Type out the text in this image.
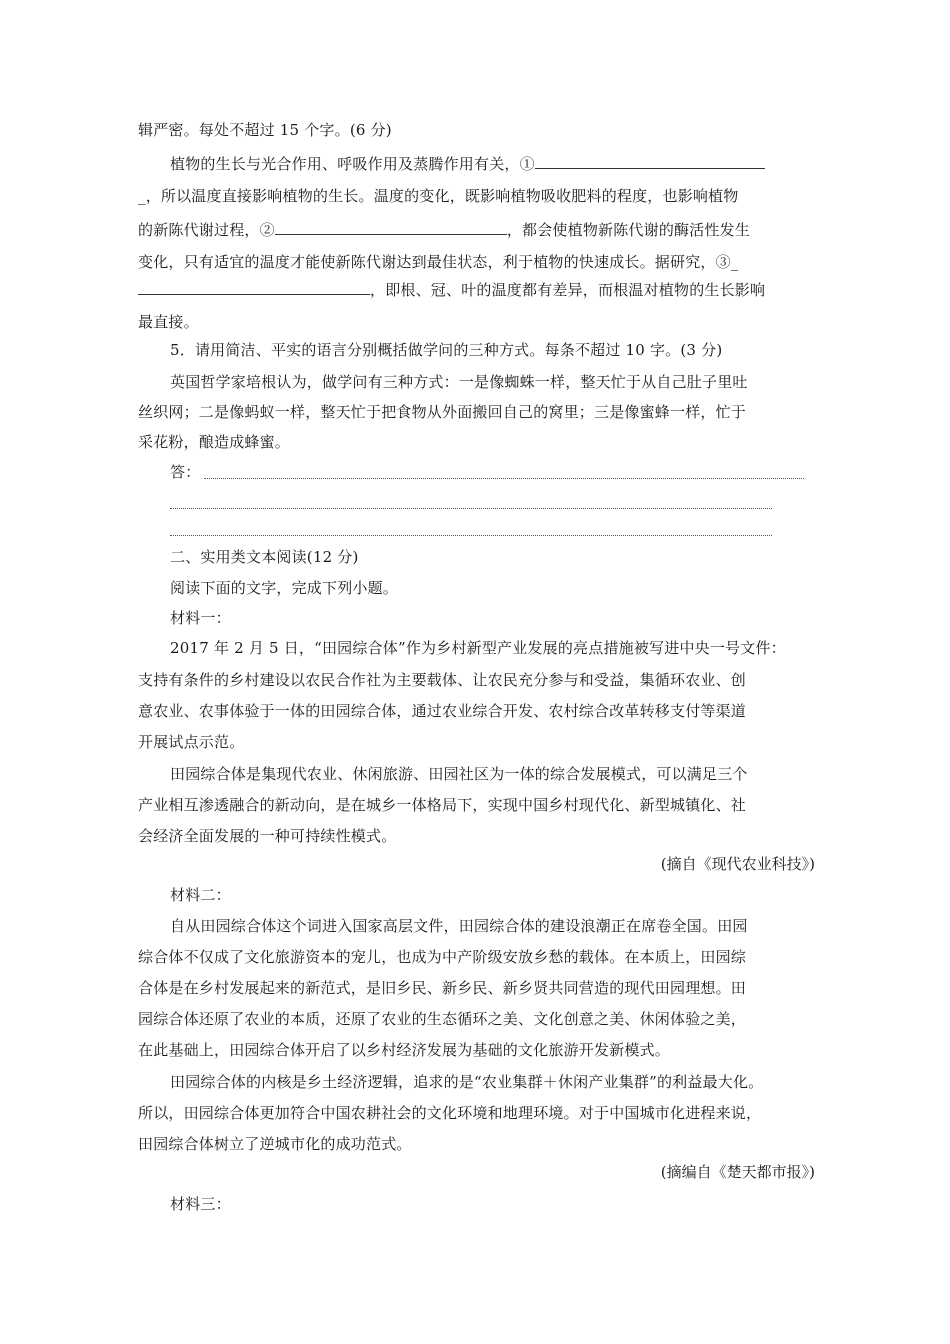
辑严密。每处不超过 15 个字。(6 分)
植物的生长与光合作用、呼吸作用及蒸腾作用有关，①
_，所以温度直接影响植物的生长。温度的变化，既影响植物吸收肥料的程度，也影响植物
的新陈代谢过程，②	，都会使植物新陈代谢的酶活性发生
变化，只有适宜的温度才能使新陈代谢达到最佳状态，利于植物的快速成长。据研究，③_
，即根、冠、叶的温度都有差异，而根温对植物的生长影响
最直接。
5．请用简洁、平实的语言分别概括做学问的三种方式。每条不超过 10 字。(3 分)
英国哲学家培根认为，做学问有三种方式：一是像蜘蛛一样，整天忙于从自己肚子里吐
丝织网；二是像蚂蚁一样，整天忙于把食物从外面搬回自己的窝里；三是像蜜蜂一样，忙于
采花粉，酿造成蜂蜜。
答：
二、实用类文本阅读(12 分)
阅读下面的文字，完成下列小题。
材料一：
2017 年 2 月 5 日，“田园综合体”作为乡村新型产业发展的亮点措施被写进中央一号文件：
支持有条件的乡村建设以农民合作社为主要载体、让农民充分参与和受益，集循环农业、创
意农业、农事体验于一体的田园综合体，通过农业综合开发、农村综合改革转移支付等渠道
开展试点示范。
田园综合体是集现代农业、休闲旅游、田园社区为一体的综合发展模式，可以满足三个
产业相互渗透融合的新动向，是在城乡一体格局下，实现中国乡村现代化、新型城镇化、社
会经济全面发展的一种可持续性模式。
(摘自《现代农业科技》)
材料二：
自从田园综合体这个词进入国家高层文件，田园综合体的建设浪潮正在席卷全国。田园
综合体不仅成了文化旅游资本的宠儿，也成为中产阶级安放乡愁的载体。在本质上，田园综
合体是在乡村发展起来的新范式，是旧乡民、新乡民、新乡贤共同营造的现代田园理想。田
园综合体还原了农业的本质，还原了农业的生态循环之美、文化创意之美、休闲体验之美，
在此基础上，田园综合体开启了以乡村经济发展为基础的文化旅游开发新模式。
田园综合体的内核是乡土经济逻辑，追求的是“农业集群＋休闲产业集群”的利益最大化。
所以，田园综合体更加符合中国农耕社会的文化环境和地理环境。对于中国城市化进程来说，
田园综合体树立了逆城市化的成功范式。
(摘编自《楚天都市报》)
材料三：
